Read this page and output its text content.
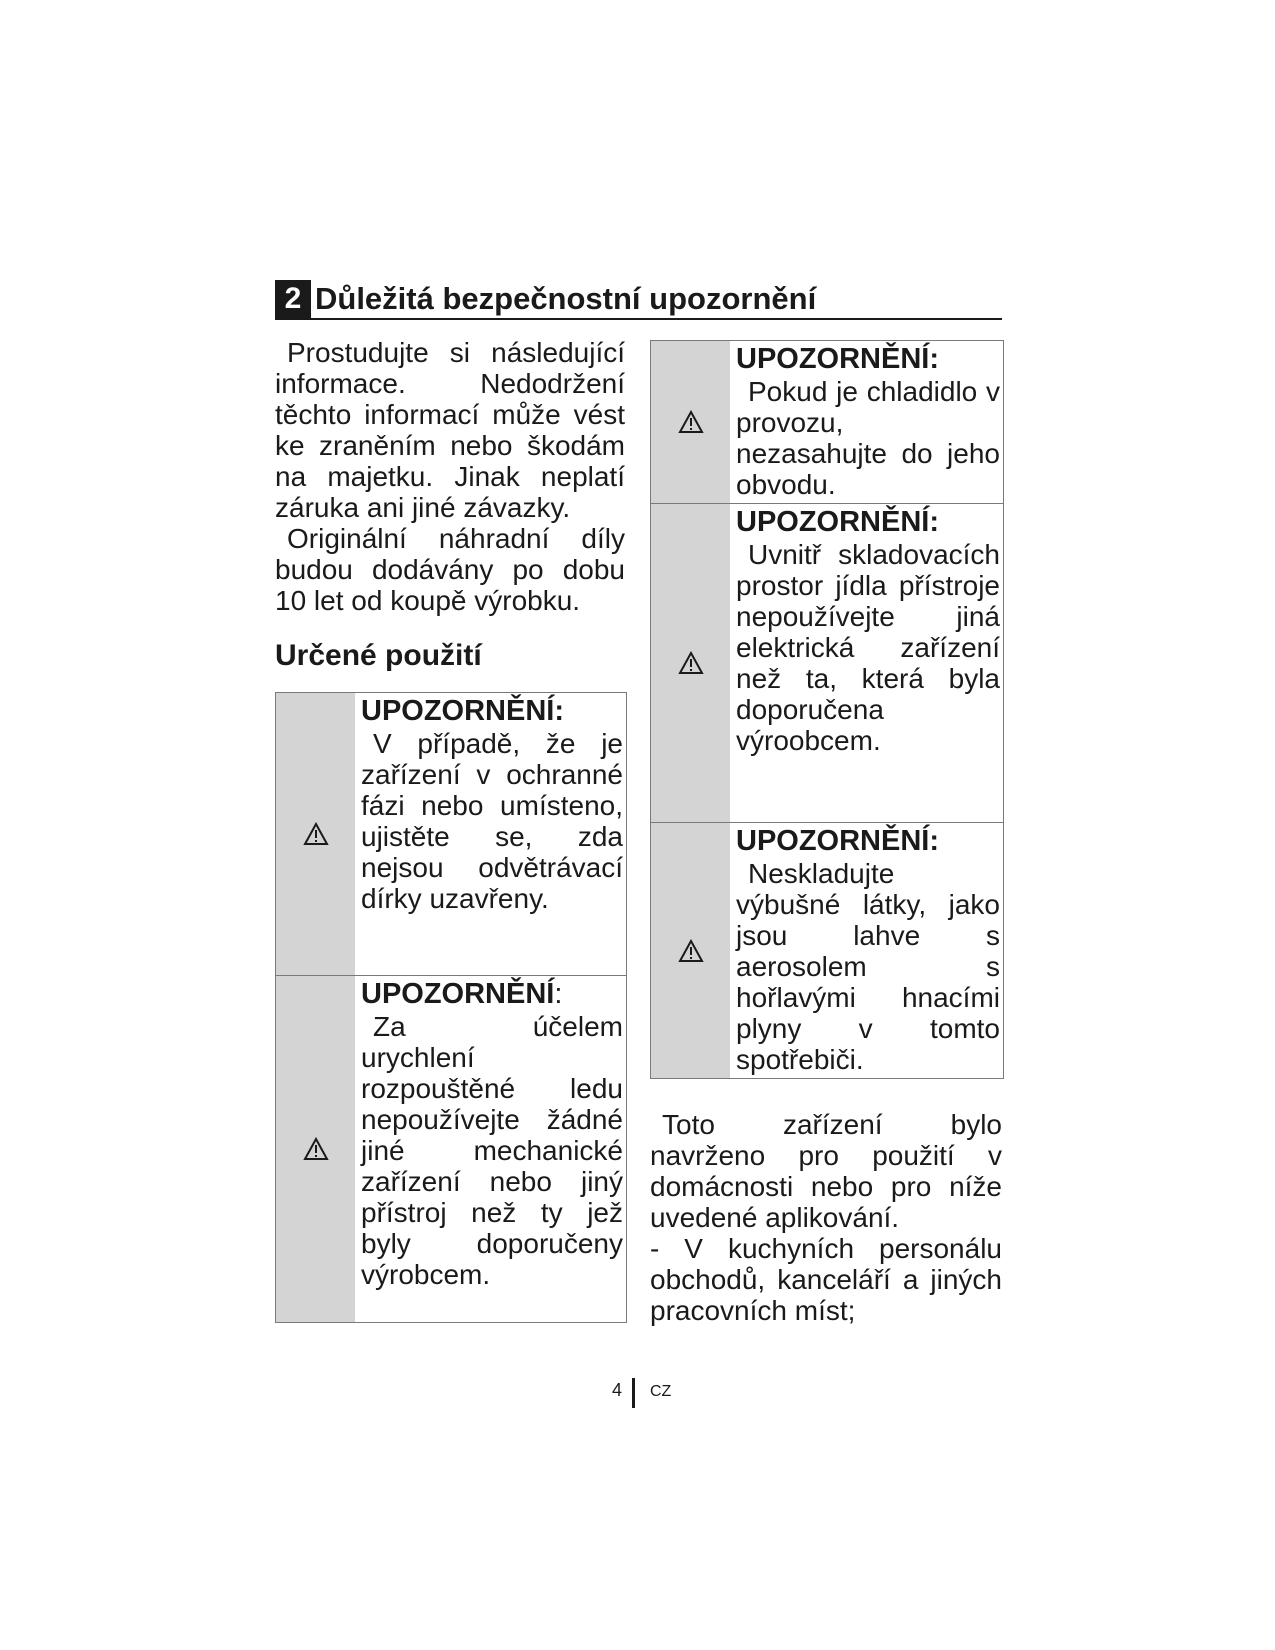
2 Důležitá bezpečnostní upozornění

Prostudujte si následující informace. Nedodržení těchto informací může vést ke zraněním nebo škodám na majetku. Jinak neplatí záruka ani jiné závazky.

Originální náhradní díly budou dodávány po dobu 10 let od koupě výrobku.

Určené použití
UPOZORNĚNÍ:

V případě, že je zařízení v ochranné fázi nebo umísteno, ujistěte se, zda nejsou odvětrávací dírky uzavřeny.

UPOZORNĚNÍ:

Za účelem urychlení rozpouštěné ledu nepoužívejte žádné jiné mechanické zařízení nebo jiný přístroj než ty jež byly doporučeny výrobcem.

UPOZORNĚNÍ:

Pokud je chladidlo v provozu, nezasahujte do jeho obvodu.

UPOZORNĚNÍ:

Uvnitř skladovacích prostor jídla přístroje nepoužívejte jiná elektrická zařízení než ta, která byla doporučena výroobcem.

UPOZORNĚNÍ:

Neskladujte výbušné látky, jako jsou lahve s aerosolem s hořlavými hnacími plyny v tomto spotřebiči.

Toto zařízení bylo navrženo pro použití v domácnosti nebo pro níže uvedené aplikování.

- V kuchyních personálu obchodů, kanceláří a jiných pracovních míst;

4 CZ
